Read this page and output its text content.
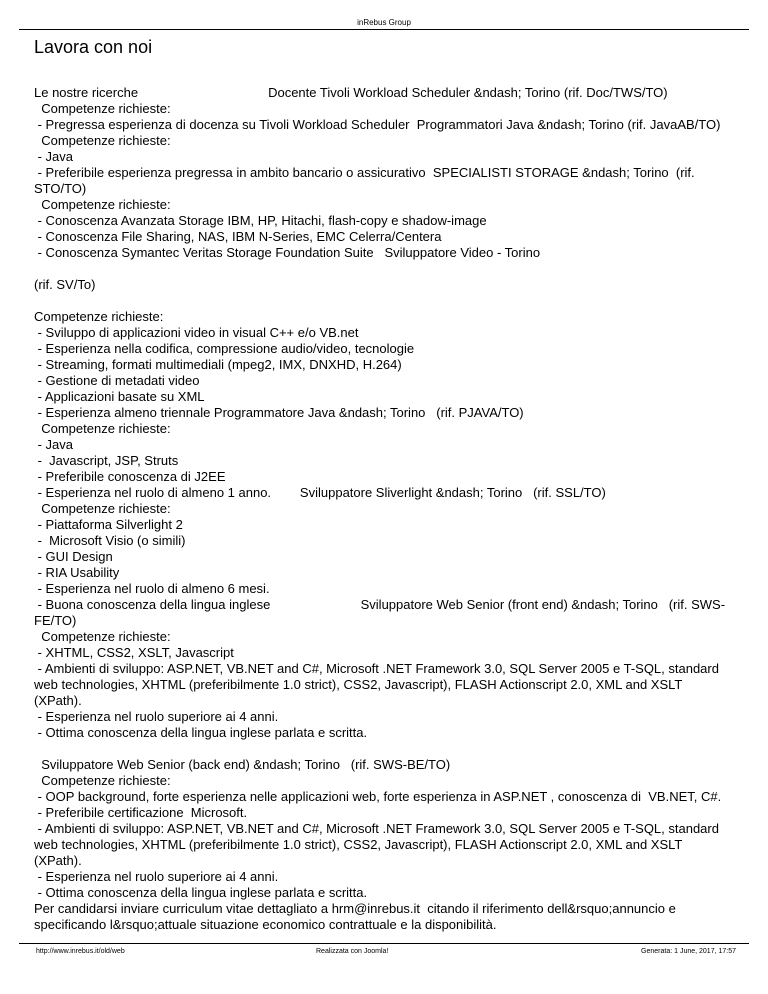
inRebus Group
Lavora con noi
Le nostre ricerche                                    Docente Tivoli Workload Scheduler &ndash; Torino (rif. Doc/TWS/TO)
Competenze richieste:
- Pregressa esperienza di docenza su Tivoli Workload Scheduler  Programmatori Java &ndash; Torino (rif. JavaAB/TO)
Competenze richieste:
- Java
- Preferibile esperienza pregressa in ambito bancario o assicurativo  SPECIALISTI STORAGE &ndash; Torino  (rif.
STO/TO)
Competenze richieste:
- Conoscenza Avanzata Storage IBM, HP, Hitachi, flash-copy e shadow-image
- Conoscenza File Sharing, NAS, IBM N-Series, EMC Celerra/Centera
- Conoscenza Symantec Veritas Storage Foundation Suite   Sviluppatore Video - Torino
(rif. SV/To)
Competenze richieste:
- Sviluppo di applicazioni video in visual C++ e/o VB.net
- Esperienza nella codifica, compressione audio/video, tecnologie
- Streaming, formati multimediali (mpeg2, IMX, DNXHD, H.264)
- Gestione di metadati video
- Applicazioni basate su XML
- Esperienza almeno triennale Programmatore Java &ndash; Torino   (rif. PJAVA/TO)
Competenze richieste:
- Java
-  Javascript, JSP, Struts
- Preferibile conoscenza di J2EE
- Esperienza nel ruolo di almeno 1 anno.        Sviluppatore Sliverlight &ndash; Torino   (rif. SSL/TO)
Competenze richieste:
- Piattaforma Silverlight 2
-  Microsoft Visio (o simili)
- GUI Design
- RIA Usability
- Esperienza nel ruolo di almeno 6 mesi.
- Buona conoscenza della lingua inglese                         Sviluppatore Web Senior (front end) &ndash; Torino   (rif. SWS-
FE/TO)
Competenze richieste:
- XHTML, CSS2, XSLT, Javascript
- Ambienti di sviluppo: ASP.NET, VB.NET and C#, Microsoft .NET Framework 3.0, SQL Server 2005 e T-SQL, standard
web technologies, XHTML (preferibilmente 1.0 strict), CSS2, Javascript), FLASH Actionscript 2.0, XML and XSLT
(XPath).
- Esperienza nel ruolo superiore ai 4 anni.
- Ottima conoscenza della lingua inglese parlata e scritta.
Sviluppatore Web Senior (back end) &ndash; Torino   (rif. SWS-BE/TO)
Competenze richieste:
- OOP background, forte esperienza nelle applicazioni web, forte esperienza in ASP.NET , conoscenza di  VB.NET, C#.
- Preferibile certificazione  Microsoft.
- Ambienti di sviluppo: ASP.NET, VB.NET and C#, Microsoft .NET Framework 3.0, SQL Server 2005 e T-SQL, standard
web technologies, XHTML (preferibilmente 1.0 strict), CSS2, Javascript), FLASH Actionscript 2.0, XML and XSLT
(XPath).
- Esperienza nel ruolo superiore ai 4 anni.
- Ottima conoscenza della lingua inglese parlata e scritta.
Per candidarsi inviare curriculum vitae dettagliato a hrm@inrebus.it  citando il riferimento dell&rsquo;annuncio e
specificando l&rsquo;attuale situazione economico contrattuale e la disponibilità.
http://www.inrebus.it/old/web	Realizzata con Joomla!	Generata: 1 June, 2017, 17:57
